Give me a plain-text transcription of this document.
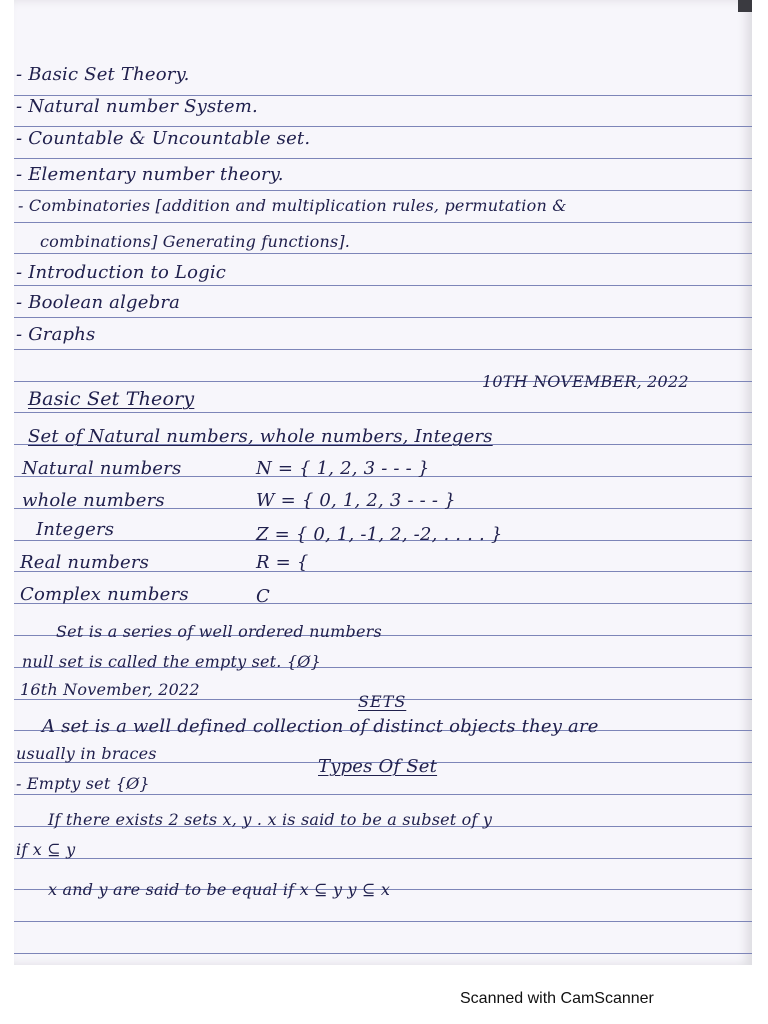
- Basic Set Theory.
- Natural number System.
- Countable & Uncountable set.
- Elementary number theory.
- Combinatories [addition and multiplication rules, permutation &
combinations] Generating functions].
- Introduction to Logic
- Boolean algebra
- Graphs
10TH NOVEMBER, 2022
Basic Set Theory
Set of Natural numbers, whole numbers, Integers
Natural numbers	N = { 1, 2, 3 - - - }
whole numbers	W = { 0, 1, 2, 3 - - - }
Integers	Z = { 0, 1, -1, 2, -2, . . . . }
Real numbers	R = {
Complex numbers	C
Set is a series of well ordered numbers
null set is called the empty set. {Ø}
16th November, 2022
SETS
A set is a well defined collection of distinct objects they are
usually in braces
Types Of Set
- Empty set {Ø}
If there exists 2 sets x, y . x is said to be a subset of y
if x ⊆ y
x and y are said to be equal if x ⊆ y y ⊆ x
Scanned with CamScanner
